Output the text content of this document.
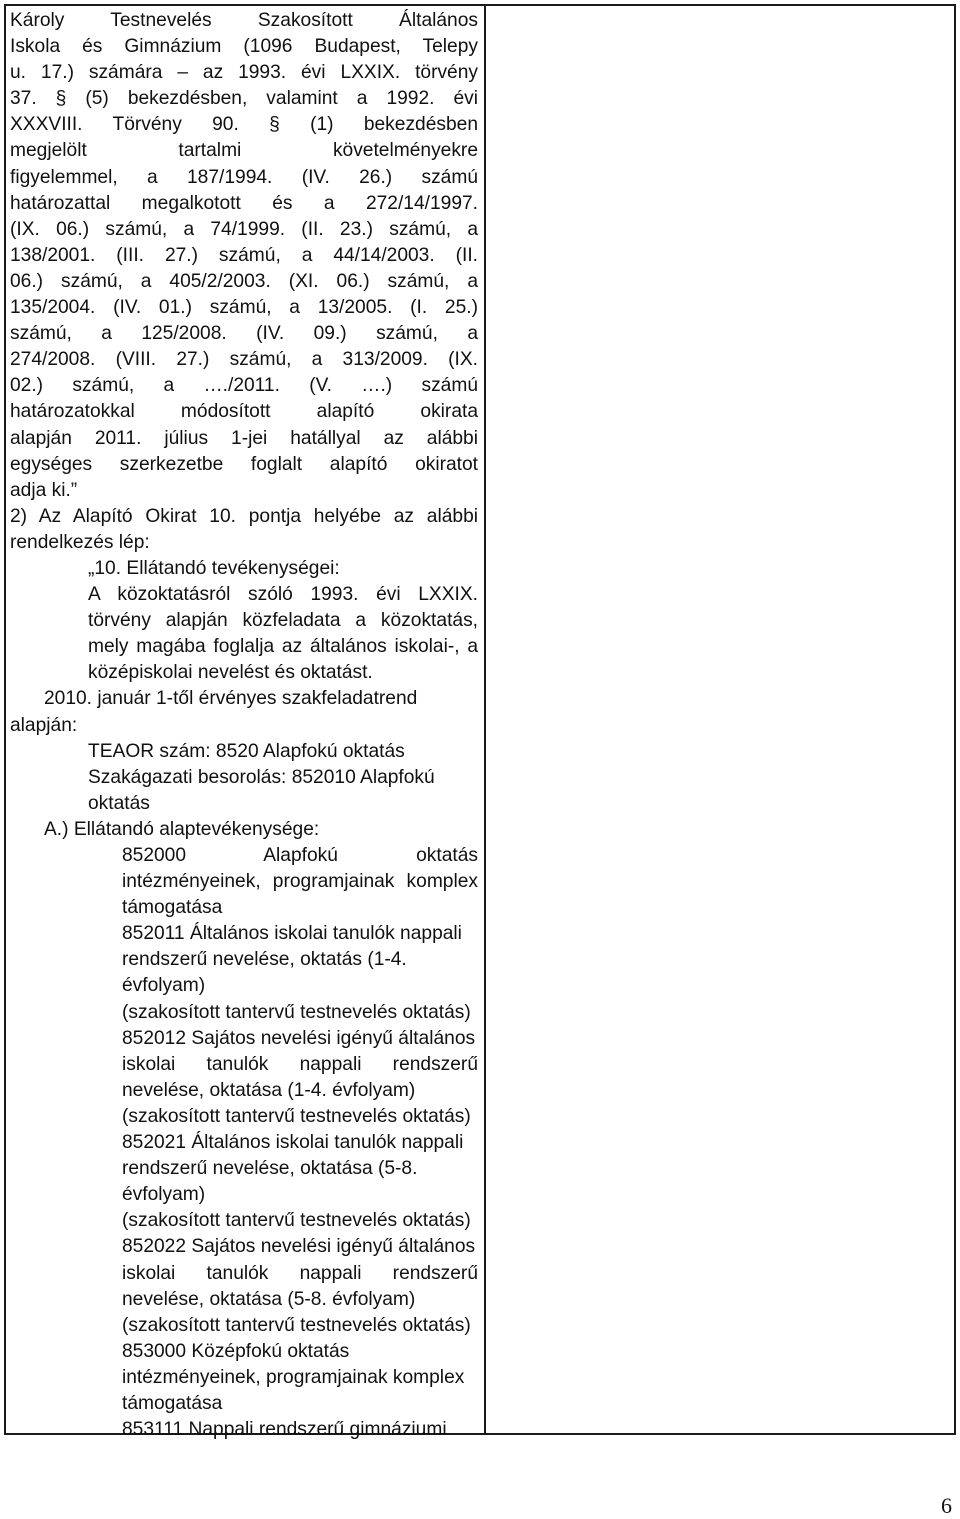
Károly Testnevelés Szakosított Általános
Iskola és Gimnázium (1096 Budapest, Telepy
u. 17.) számára – az 1993. évi LXXIX. törvény
37. § (5) bekezdésben, valamint a 1992. évi
XXXVIII. Törvény 90. § (1) bekezdésben
megjelölt tartalmi követelményekre
figyelemmel, a 187/1994. (IV. 26.) számú
határozattal megalkotott és a 272/14/1997.
(IX. 06.) számú, a 74/1999. (II. 23.) számú, a
138/2001. (III. 27.) számú, a 44/14/2003. (II.
06.) számú, a 405/2/2003. (XI. 06.) számú, a
135/2004. (IV. 01.) számú, a 13/2005. (I. 25.)
számú, a 125/2008. (IV. 09.) számú, a
274/2008. (VIII. 27.) számú, a 313/2009. (IX.
02.) számú, a …./2011. (V. ….) számú
határozatokkal módosított alapító okirata
alapján 2011. július 1-jei hatállyal az alábbi
egységes szerkezetbe foglalt alapító okiratot
adja ki.”
2) Az Alapító Okirat 10. pontja helyébe az alábbi
rendelkezés lép:
„10. Ellátandó tevékenységei:
A közoktatásról szóló 1993. évi LXXIX.
törvény alapján közfeladata a közoktatás,
mely magába foglalja az általános iskolai-, a
középiskolai nevelést és oktatást.
2010. január 1-től érvényes szakfeladatrend
alapján:
TEAOR szám: 8520 Alapfokú oktatás
Szakágazati besorolás: 852010 Alapfokú
oktatás
A.) Ellátandó alaptevékenysége:
852000 Alapfokú oktatás
intézményeinek, programjainak komplex
támogatása
852011 Általános iskolai tanulók nappali
rendszerű nevelése, oktatás (1-4.
évfolyam)
(szakosított tantervű testnevelés oktatás)
852012 Sajátos nevelési igényű általános
iskolai tanulók nappali rendszerű
nevelése, oktatása (1-4. évfolyam)
(szakosított tantervű testnevelés oktatás)
852021 Általános iskolai tanulók nappali
rendszerű nevelése, oktatása (5-8.
évfolyam)
(szakosított tantervű testnevelés oktatás)
852022 Sajátos nevelési igényű általános
iskolai tanulók nappali rendszerű
nevelése, oktatása (5-8. évfolyam)
(szakosított tantervű testnevelés oktatás)
853000 Középfokú oktatás
intézményeinek, programjainak komplex
támogatása
853111 Nappali rendszerű gimnáziumi
6
